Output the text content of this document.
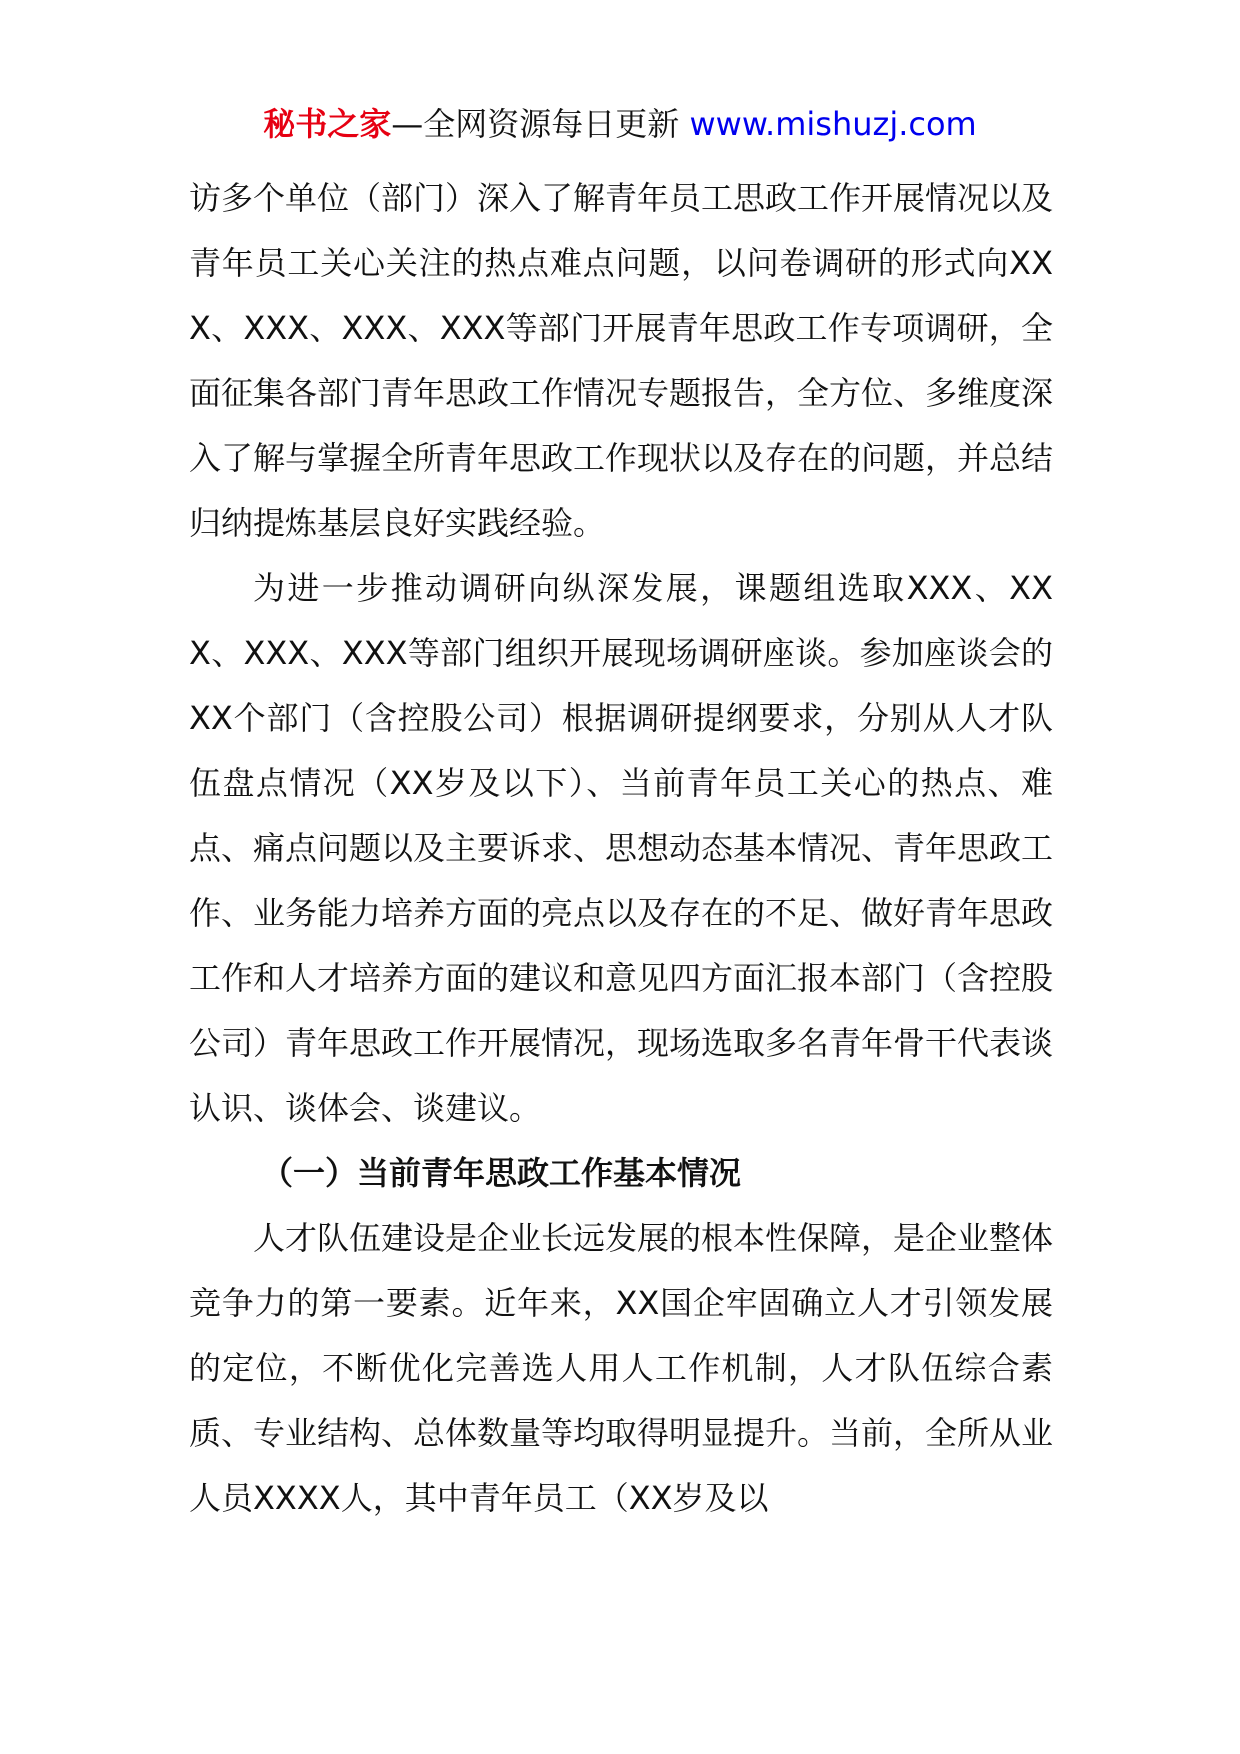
秘书之家—全网资源每日更新 www.mishuzj.com

访多个单位（部门）深入了解青年员工思政工作开展情况以及青年员工关心关注的热点难点问题，以问卷调研的形式向XXX、XXX、XXX、XXX等部门开展青年思政工作专项调研，全面征集各部门青年思政工作情况专题报告，全方位、多维度深入了解与掌握全所青年思政工作现状以及存在的问题，并总结归纳提炼基层良好实践经验。

为进一步推动调研向纵深发展，课题组选取XXX、XXX、XXX、XXX等部门组织开展现场调研座谈。参加座谈会的XX个部门（含控股公司）根据调研提纲要求，分别从人才队伍盘点情况（XX岁及以下）、当前青年员工关心的热点、难点、痛点问题以及主要诉求、思想动态基本情况、青年思政工作、业务能力培养方面的亮点以及存在的不足、做好青年思政工作和人才培养方面的建议和意见四方面汇报本部门（含控股公司）青年思政工作开展情况，现场选取多名青年骨干代表谈认识、谈体会、谈建议。

（一）当前青年思政工作基本情况

人才队伍建设是企业长远发展的根本性保障，是企业整体竞争力的第一要素。近年来，XX国企牢固确立人才引领发展的定位，不断优化完善选人用人工作机制，人才队伍综合素质、专业结构、总体数量等均取得明显提升。当前，全所从业人员XXXX人，其中青年员工（XX岁及以
